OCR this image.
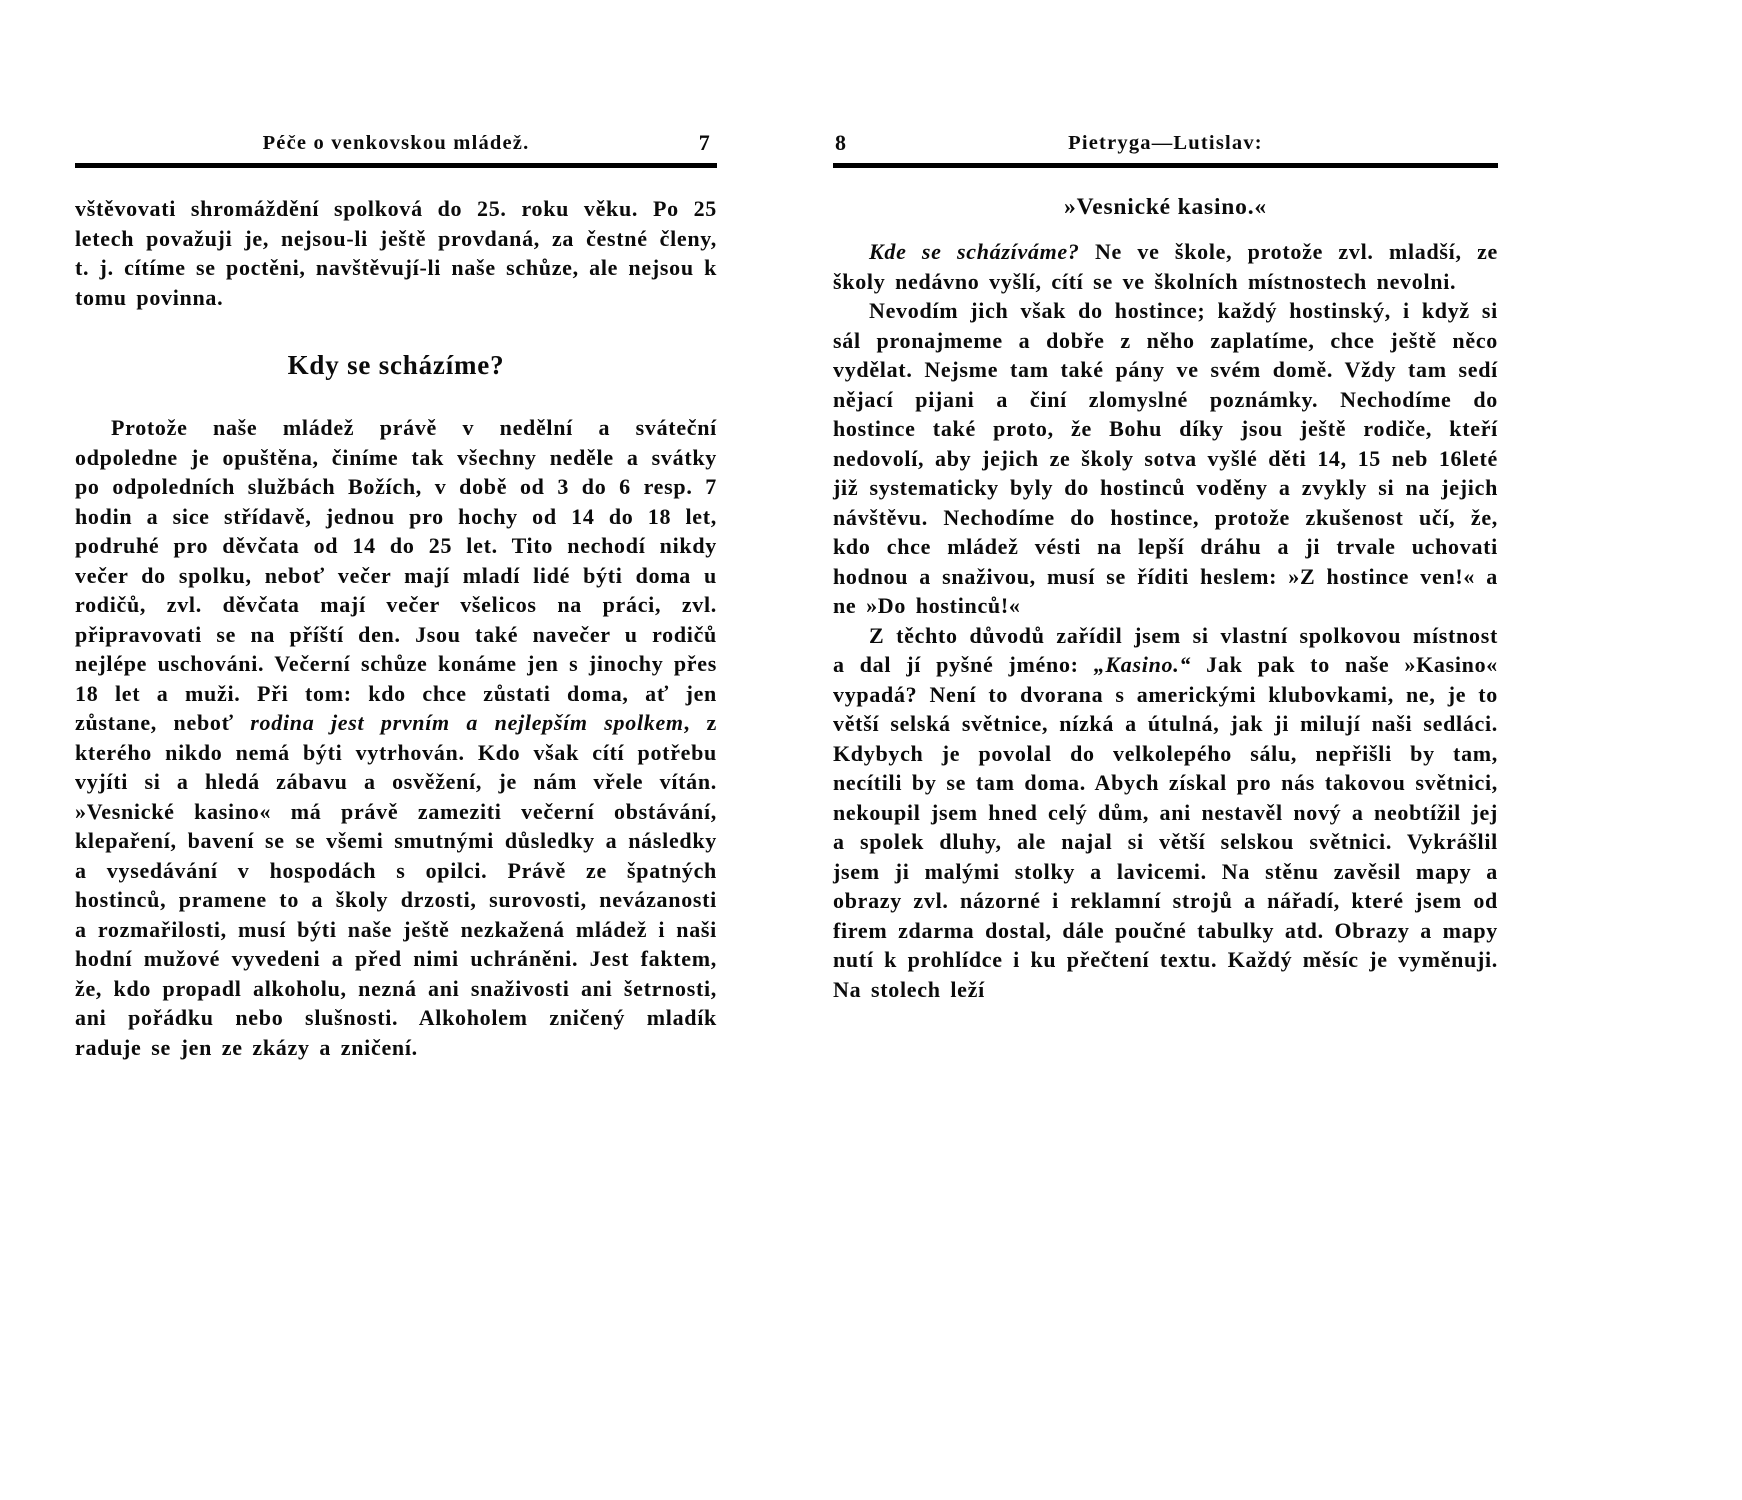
Péče o venkovskou mládež.	7

vštěvovati shromáždění spolková do 25. roku věku. Po 25 letech považuji je, nejsou-li ještě provdaná, za čestné členy, t. j. cítíme se poctěni, navštěvují-li naše schůze, ale nejsou k tomu povinna.

Kdy se scházíme?

Protože naše mládež právě v nedělní a sváteční odpoledne je opuštěna, činíme tak všechny neděle a svátky po odpoledních službách Božích, v době od 3 do 6 resp. 7 hodin a sice střídavě, jednou pro hochy od 14 do 18 let, podruhé pro děvčata od 14 do 25 let. Tito nechodí nikdy večer do spolku, neboť večer mají mladí lidé býti doma u rodičů, zvl. děvčata mají večer všelicos na práci, zvl. připravovati se na příští den. Jsou také navečer u rodičů nejlépe uschováni. Večerní schůze konáme jen s jinochy přes 18 let a muži. Při tom: kdo chce zůstati doma, ať jen zůstane, neboť rodina jest prvním a nejlepším spolkem, z kterého nikdo nemá býti vytrhován. Kdo však cítí potřebu vyjíti si a hledá zábavu a osvěžení, je nám vřele vítán. »Vesnické kasino« má právě zameziti večerní obstávání, klepaření, bavení se se všemi smutnými důsledky a následky a vysedávání v hospodách s opilci. Právě ze špatných hostinců, pramene to a školy drzosti, surovosti, nevázanosti a rozmařilosti, musí býti naše ještě nezkažená mládež i naši hodní mužové vyvedeni a před nimi uchráněni. Jest faktem, že, kdo propadl alkoholu, nezná ani snaživosti ani šetrnosti, ani pořádku nebo slušnosti. Alkoholem zničený mladík raduje se jen ze zkázy a zničení.

8	Pietryga—Lutislav:
»Vesnické kasino.«

Kde se scházíváme? Ne ve škole, protože zvl. mladší, ze školy nedávno vyšlí, cítí se ve školních místnostech nevolni.

Nevodím jich však do hostince; každý hostinský, i když si sál pronajmeme a dobře z něho zaplatíme, chce ještě něco vydělat. Nejsme tam také pány ve svém domě. Vždy tam sedí nějací pijani a činí zlomyslné poznámky. Nechodíme do hostince také proto, že Bohu díky jsou ještě rodiče, kteří nedovolí, aby jejich ze školy sotva vyšlé děti 14, 15 neb 16leté již systematicky byly do hostinců voděny a zvykly si na jejich návštěvu. Nechodíme do hostince, protože zkušenost učí, že, kdo chce mládež vésti na lepší dráhu a ji trvale uchovati hodnou a snaživou, musí se říditi heslem: »Z hostince ven!« a ne »Do hostinců!«

Z těchto důvodů zařídil jsem si vlastní spolkovou místnost a dal jí pyšné jméno: „Kasino.“ Jak pak to naše »Kasino« vypadá? Není to dvorana s americkými klubovkami, ne, je to větší selská světnice, nízká a útulná, jak ji milují naši sedláci. Kdybych je povolal do velkolepého sálu, nepřišli by tam, necítili by se tam doma. Abych získal pro nás takovou světnici, nekoupil jsem hned celý dům, ani nestavěl nový a neobtížil jej a spolek dluhy, ale najal si větší selskou světnici. Vykrášlil jsem ji malými stolky a lavicemi. Na stěnu zavěsil mapy a obrazy zvl. názorné i reklamní strojů a nářadí, které jsem od firem zdarma dostal, dále poučné tabulky atd. Obrazy a mapy nutí k prohlídce i ku přečtení textu. Každý měsíc je vyměnuji. Na stolech leží
